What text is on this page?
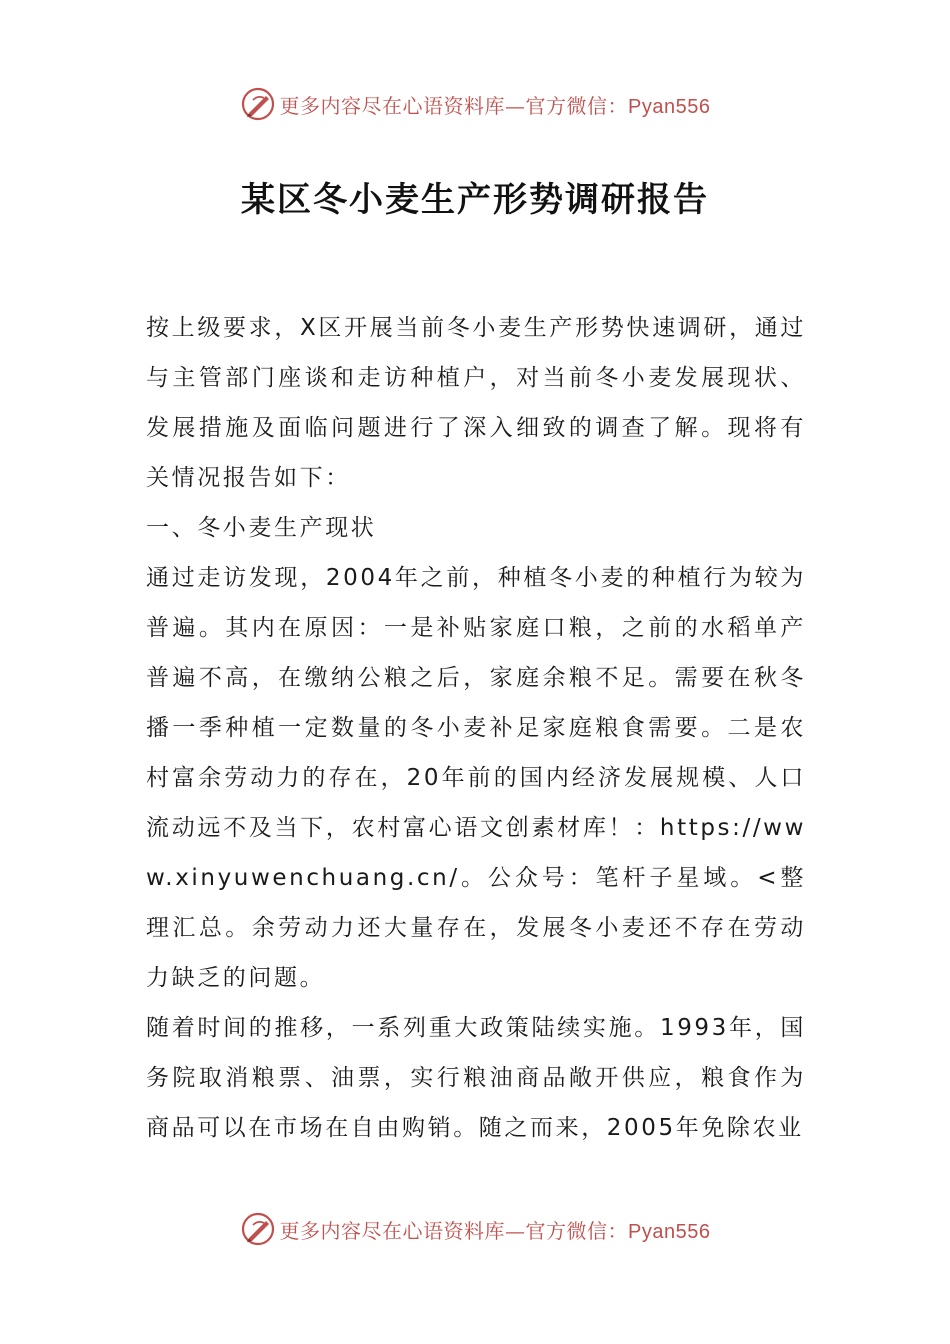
更多内容尽在心语资料库—官方微信：Pyan556
某区冬小麦生产形势调研报告

按上级要求，X区开展当前冬小麦生产形势快速调研，通过与主管部门座谈和走访种植户，对当前冬小麦发展现状、发展措施及面临问题进行了深入细致的调查了解。现将有关情况报告如下：

一、冬小麦生产现状

通过走访发现，2004年之前，种植冬小麦的种植行为较为普遍。其内在原因：一是补贴家庭口粮，之前的水稻单产普遍不高，在缴纳公粮之后，家庭余粮不足。需要在秋冬播一季种植一定数量的冬小麦补足家庭粮食需要。二是农村富余劳动力的存在，20年前的国内经济发展规模、人口流动远不及当下，农村富心语文创素材库！：https://www.xinyuwenchuang.cn/。公众号：笔杆子星域。<整理汇总。余劳动力还大量存在，发展冬小麦还不存在劳动力缺乏的问题。

随着时间的推移，一系列重大政策陆续实施。1993年，国务院取消粮票、油票，实行粮油商品敞开供应，粮食作为商品可以在市场在自由购销。随之而来，2005年免除农业

更多内容尽在心语资料库—官方微信：Pyan556
